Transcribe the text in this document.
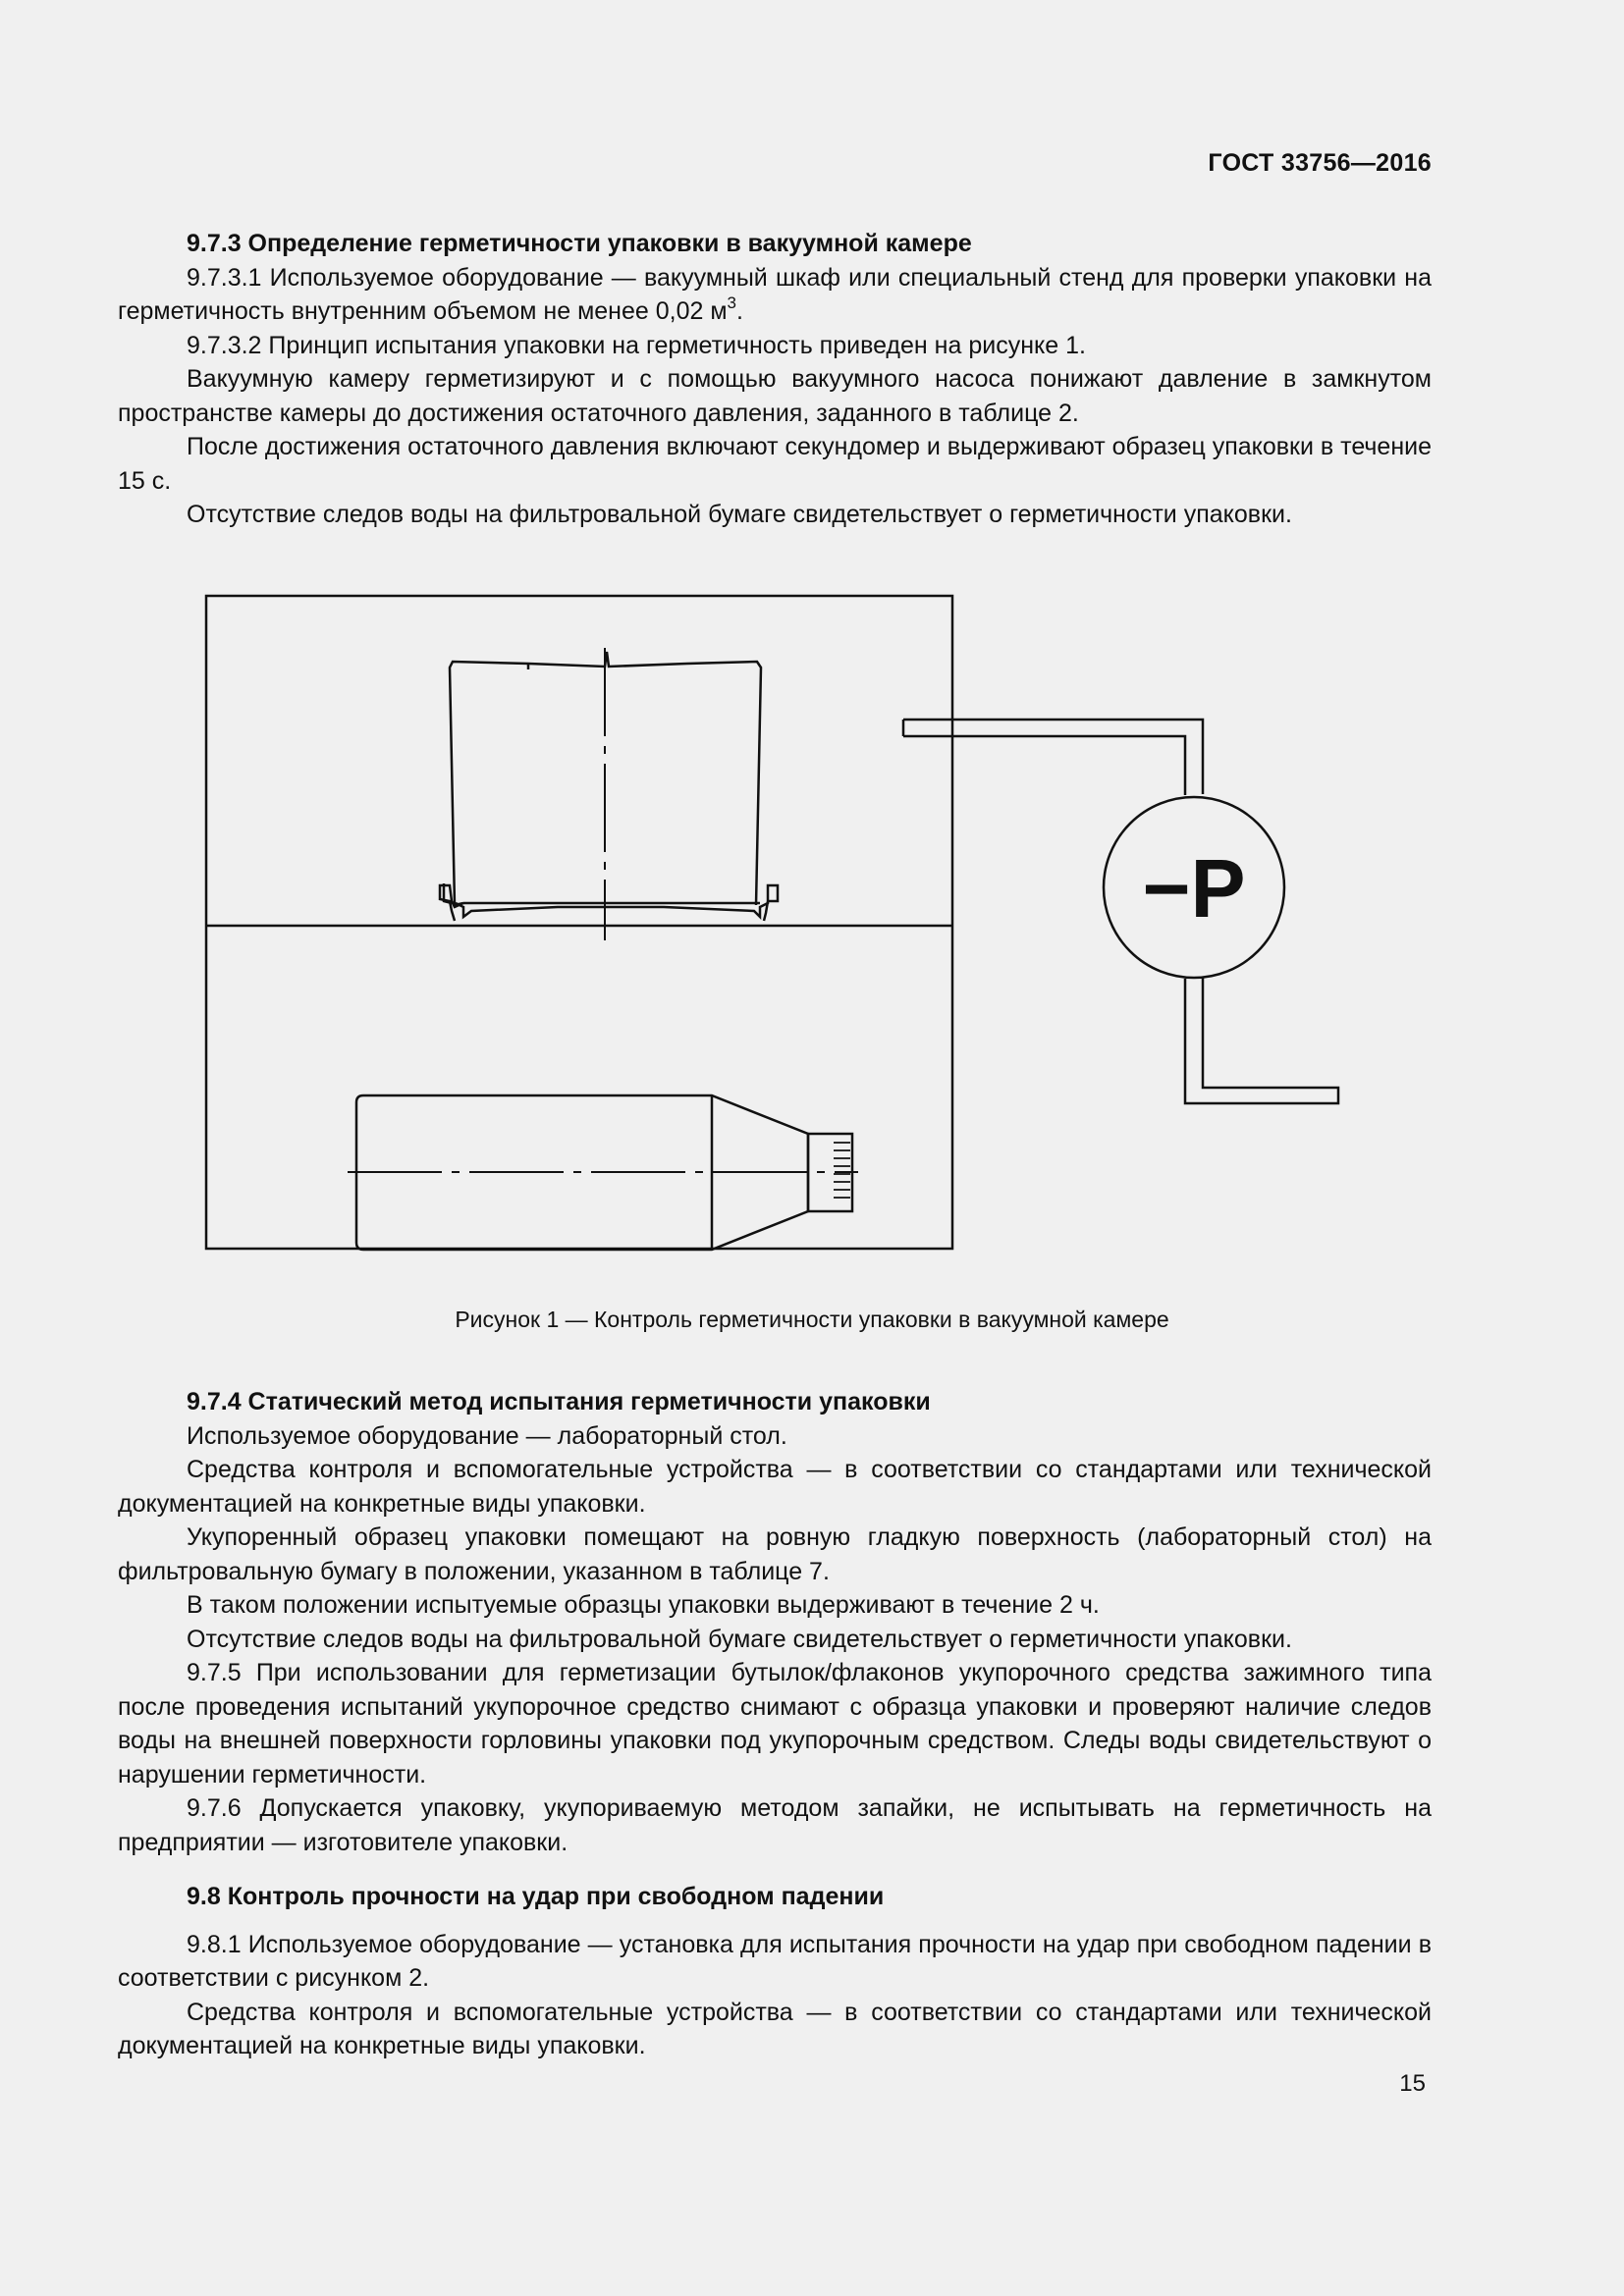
ГОСТ 33756—2016

9.7.3 Определение герметичности упаковки в вакуумной камере

9.7.3.1 Используемое оборудование — вакуумный шкаф или специальный стенд для проверки упаковки на герметичность внутренним объемом не менее 0,02 $м^3$.

9.7.3.2 Принцип испытания упаковки на герметичность приведен на рисунке 1.

Вакуумную камеру герметизируют и с помощью вакуумного насоса понижают давление в замкнутом пространстве камеры до достижения остаточного давления, заданного в таблице 2.

После достижения остаточного давления включают секундомер и выдерживают образец упаковки в течение 15 с.

Отсутствие следов воды на фильтровальной бумаге свидетельствует о герметичности упаковки.

−P
Рисунок 1 — Контроль герметичности упаковки в вакуумной камере

9.7.4 Статический метод испытания герметичности упаковки

Используемое оборудование — лабораторный стол.

Средства контроля и вспомогательные устройства — в соответствии со стандартами или технической документацией на конкретные виды упаковки.

Укупоренный образец упаковки помещают на ровную гладкую поверхность (лабораторный стол) на фильтровальную бумагу в положении, указанном в таблице 7.

В таком положении испытуемые образцы упаковки выдерживают в течение 2 ч.

Отсутствие следов воды на фильтровальной бумаге свидетельствует о герметичности упаковки.

9.7.5 При использовании для герметизации бутылок/флаконов укупорочного средства зажимного типа после проведения испытаний укупорочное средство снимают с образца упаковки и проверяют наличие следов воды на внешней поверхности горловины упаковки под укупорочным средством. Следы воды свидетельствуют о нарушении герметичности.

9.7.6 Допускается упаковку, укупориваемую методом запайки, не испытывать на герметичность на предприятии — изготовителе упаковки.

9.8 Контроль прочности на удар при свободном падении

9.8.1 Используемое оборудование — установка для испытания прочности на удар при свободном падении в соответствии с рисунком 2.

Средства контроля и вспомогательные устройства — в соответствии со стандартами или технической документацией на конкретные виды упаковки.

15
